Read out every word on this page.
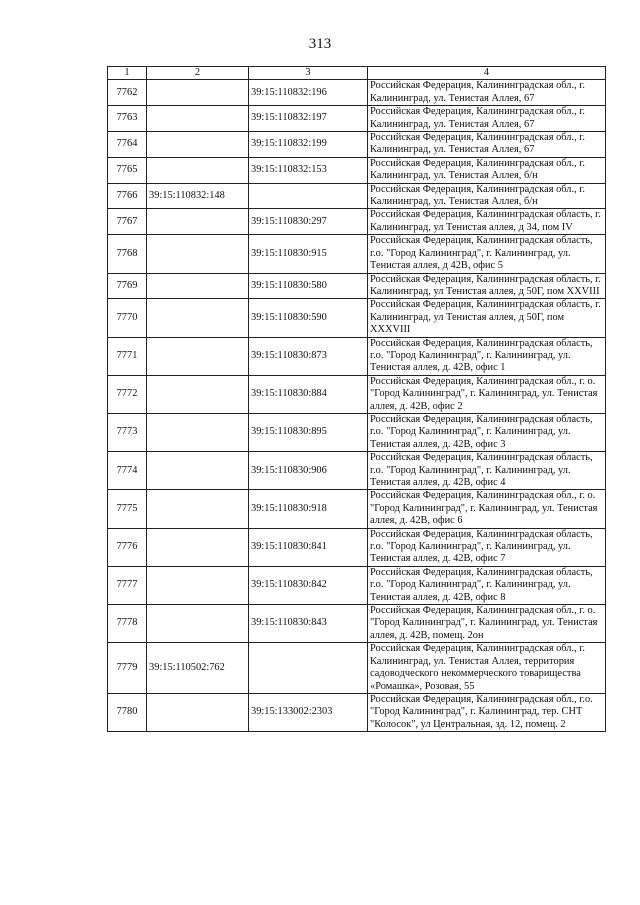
313
1	2	3	4
7762		39:15:110832:196	Российская Федерация, Калининградская обл., г. Калининград, ул. Тенистая Аллея, 67
7763		39:15:110832:197	Российская Федерация, Калининградская обл., г. Калининград, ул. Тенистая Аллея, 67
7764		39:15:110832:199	Российская Федерация, Калининградская обл., г. Калининград, ул. Тенистая Аллея, 67
7765		39:15:110832:153	Российская Федерация, Калининградская обл., г. Калининград, ул. Тенистая Аллея, б/н
7766	39:15:110832:148		Российская Федерация, Калининградская обл., г. Калининград, ул. Тенистая Аллея, б/н
7767		39:15:110830:297	Российская Федерация, Калининградская область, г. Калининград, ул Тенистая аллея, д 34, пом IV
7768		39:15:110830:915	Российская Федерация, Калининградская область, г.о. "Город Калининград", г. Калининград, ул. Тенистая аллея, д 42В, офис 5
7769		39:15:110830:580	Российская Федерация, Калининградская область, г. Калининград, ул Тенистая аллея, д 50Г, пом XXVIII
7770		39:15:110830:590	Российская Федерация, Калининградская область, г. Калининград, ул Тенистая аллея, д 50Г, пом XXXVIII
7771		39:15:110830:873	Российская Федерация, Калининградская область, г.о. "Город Калининград", г. Калининград, ул. Тенистая аллея, д. 42В, офис 1
7772		39:15:110830:884	Российская Федерация, Калининградская обл., г. о. "Город Калининград", г. Калининград, ул. Тенистая аллея, д. 42В, офис 2
7773		39:15:110830:895	Российская Федерация, Калининградская область, г.о. "Город Калининград", г. Калининград, ул. Тенистая аллея, д. 42В, офис 3
7774		39:15:110830:906	Российская Федерация, Калининградская область, г.о. "Город Калининград", г. Калининград, ул. Тенистая аллея, д. 42В, офис 4
7775		39:15:110830:918	Российская Федерация, Калининградская обл., г. о. "Город Калининград", г. Калининград, ул. Тенистая аллея, д. 42В, офис 6
7776		39:15:110830:841	Российская Федерация, Калининградская область, г.о. "Город Калининград", г. Калининград, ул. Тенистая аллея, д. 42В, офис 7
7777		39:15:110830:842	Российская Федерация, Калининградская область, г.о. "Город Калининград", г. Калининград, ул. Тенистая аллея, д. 42В, офис 8
7778		39:15:110830:843	Российская Федерация, Калининградская обл., г. о. "Город Калининград", г. Калининград, ул. Тенистая аллея, д. 42В, помещ. 2он
7779	39:15:110502:762		Российская Федерация, Калининградская обл., г. Калининград, ул. Тенистая Аллея, территория садоводческого некоммерческого товарищества «Ромашка», Розовая, 55
7780		39:15:133002:2303	Российская Федерация, Калининградская обл., г.о. "Город Калининград", г. Калининград, тер. СНТ "Колосок", ул Центральная, зд. 12, помещ. 2
